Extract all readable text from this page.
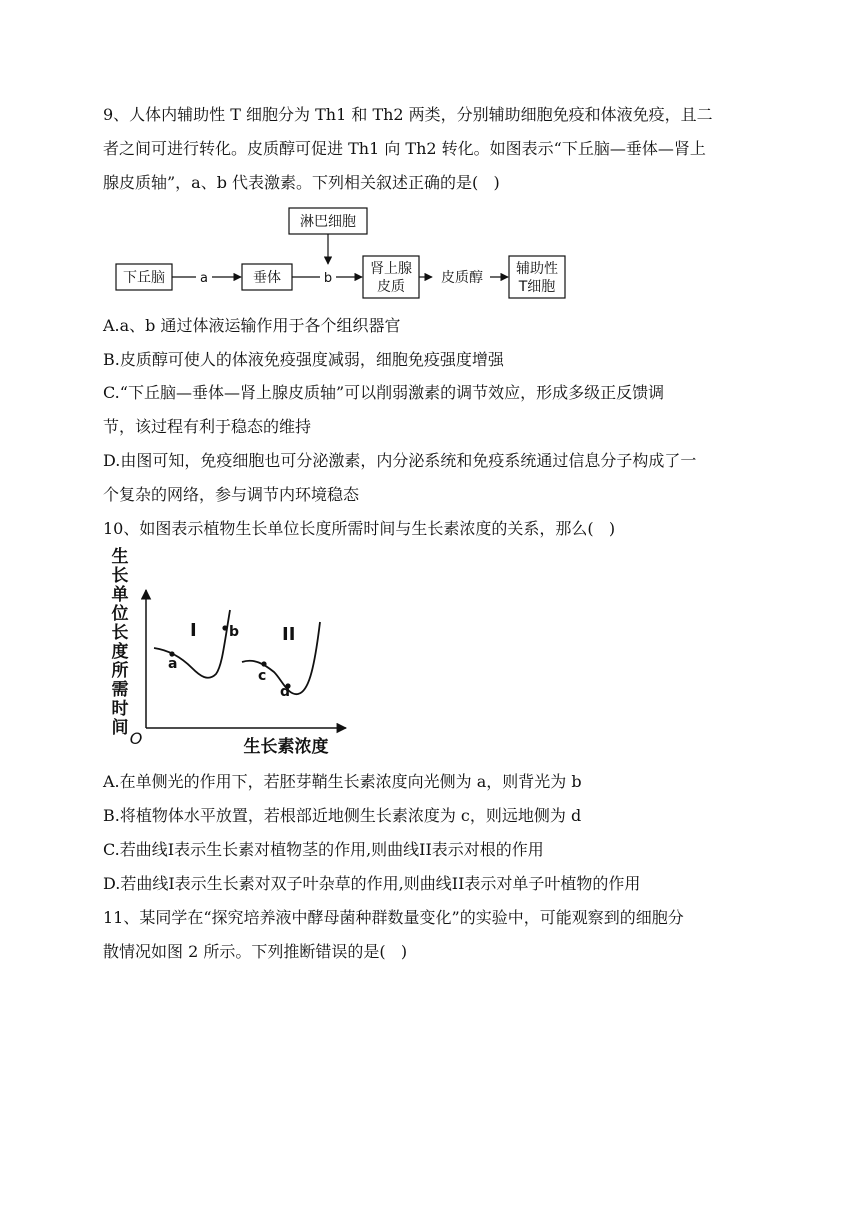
9、人体内辅助性 T 细胞分为 Th1 和 Th2 两类，分别辅助细胞免疫和体液免疫，且二
者之间可进行转化。皮质醇可促进 Th1 向 Th2 转化。如图表示“下丘脑—垂体—肾上
腺皮质轴”，a、b 代表激素。下列相关叙述正确的是(   )
淋巴细胞
下丘脑	a	垂体	b
肾上腺
皮质
皮质醇
辅助性
T细胞
A.a、b 通过体液运输作用于各个组织器官
B.皮质醇可使人的体液免疫强度减弱，细胞免疫强度增强
C.“下丘脑—垂体—肾上腺皮质轴”可以削弱激素的调节效应，形成多级正反馈调
节，该过程有利于稳态的维持
D.由图可知，免疫细胞也可分泌激素，内分泌系统和免疫系统通过信息分子构成了一
个复杂的网络，参与调节内环境稳态
10、如图表示植物生长单位长度所需时间与生长素浓度的关系，那么(   )
生
长
单
位
长
度
所
需
时
间
O	生长素浓度
I
a
b II
c
d
A.在单侧光的作用下，若胚芽鞘生长素浓度向光侧为 a，则背光为 b
B.将植物体水平放置，若根部近地侧生长素浓度为 c，则远地侧为 d
C.若曲线I表示生长素对植物茎的作用,则曲线II表示对根的作用
D.若曲线I表示生长素对双子叶杂草的作用,则曲线II表示对单子叶植物的作用
11、某同学在“探究培养液中酵母菌种群数量变化”的实验中，可能观察到的细胞分
散情况如图 2 所示。下列推断错误的是(   )
